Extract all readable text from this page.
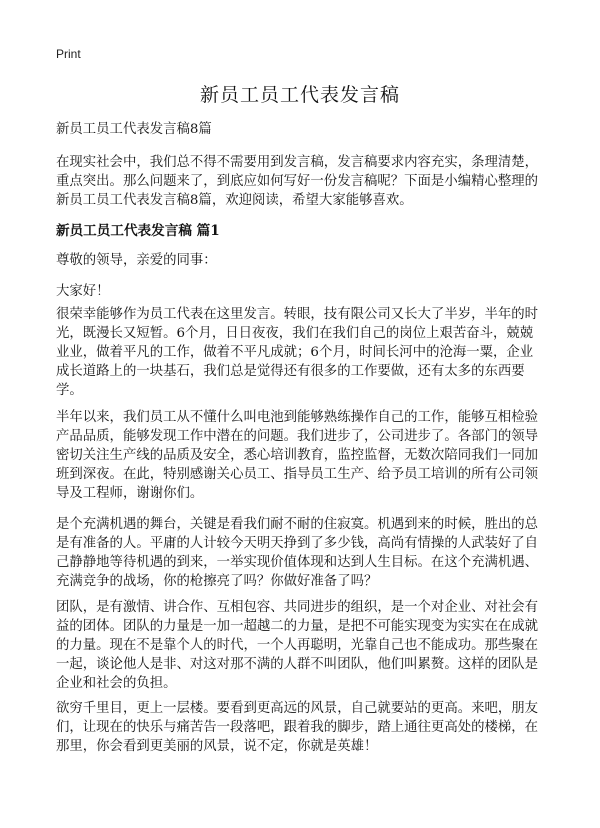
Print
新员工员工代表发言稿

新员工员工代表发言稿8篇

在现实社会中，我们总不得不需要用到发言稿，发言稿要求内容充实，条理清楚，重点突出。那么问题来了，到底应如何写好一份发言稿呢？下面是小编精心整理的新员工员工代表发言稿8篇，欢迎阅读，希望大家能够喜欢。

新员工员工代表发言稿 篇1

尊敬的领导，亲爱的同事：

大家好！

很荣幸能够作为员工代表在这里发言。转眼，技有限公司又长大了半岁，半年的时光，既漫长又短暂。6个月，日日夜夜，我们在我们自己的岗位上艰苦奋斗，兢兢业业，做着平凡的工作，做着不平凡成就；6个月，时间长河中的沧海一粟，企业成长道路上的一块基石，我们总是觉得还有很多的工作要做，还有太多的东西要学。

半年以来，我们员工从不懂什么叫电池到能够熟练操作自己的工作，能够互相检验产品品质，能够发现工作中潜在的问题。我们进步了，公司进步了。各部门的领导密切关注生产线的品质及安全，悉心培训教育，监控监督，无数次陪同我们一同加班到深夜。在此，特别感谢关心员工、指导员工生产、给予员工培训的所有公司领导及工程师，谢谢你们。

是个充满机遇的舞台，关键是看我们耐不耐的住寂寞。机遇到来的时候，胜出的总是有准备的人。平庸的人计较今天明天挣到了多少钱，高尚有情操的人武装好了自己静静地等待机遇的到来，一举实现价值体现和达到人生目标。在这个充满机遇、充满竞争的战场，你的枪擦亮了吗？你做好准备了吗？

团队，是有激情、讲合作、互相包容、共同进步的组织，是一个对企业、对社会有益的团体。团队的力量是一加一超越二的力量，是把不可能实现变为实实在在成就的力量。现在不是靠个人的时代，一个人再聪明，光靠自己也不能成功。那些聚在一起，谈论他人是非、对这对那不满的人群不叫团队，他们叫累赘。这样的团队是企业和社会的负担。

欲穷千里目，更上一层楼。要看到更高远的风景，自己就要站的更高。来吧，朋友们，让现在的快乐与痛苦告一段落吧，跟着我的脚步，踏上通往更高处的楼梯，在那里，你会看到更美丽的风景，说不定，你就是英雄！
